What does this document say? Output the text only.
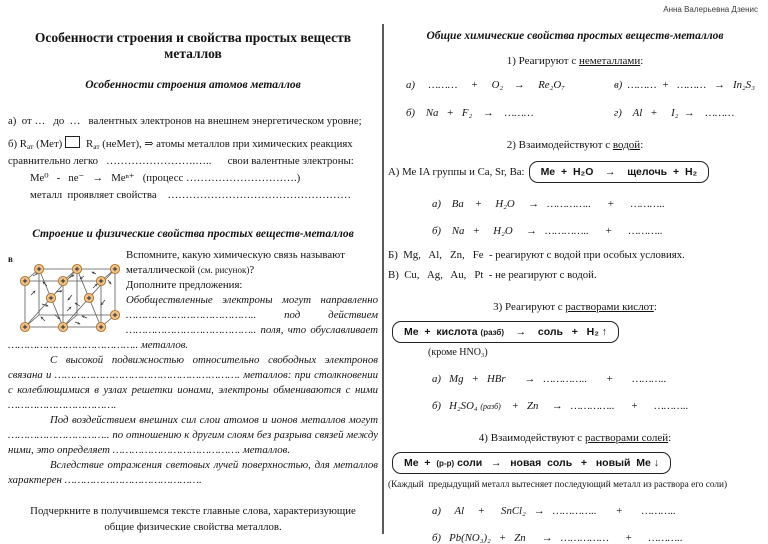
Анна Валерьевна Дзенис
Особенности строения и свойства простых веществ металлов
Особенности строения атомов металлов
а)  от …   до  …   валентных электронов на внешнем энергетическом уровне;
б) $R_{ат}$ (Мет) $R_{ат}$ (неМет), ⇒ атомы металлов при химических реакциях
сравнительно легко   …………………….…..      свои валентные электроны:
Ме⁰   -   ne⁻   →   Меⁿ⁺   (процесс ………………………….)
металл  проявляет свойства    ……………………………………………
Строение и физические свойства простых веществ-металлов
в	Вспомните, какую химическую связь называют металлической (см. рисунок)?
Дополните предложения:

Обобществленные электроны могут направленно ………………………………….. под действием ………………………………….. поля, что обуславливает ………………………………….. металлов.

С высокой подвижностью относительно свободных электронов связана и …………………………………………………. металлов: при столкновении с колеблющимися в узлах решетки ионами, электроны обмениваются с ними …………………………….

Под воздействием внешних сил слои атомов и ионов металлов могут ………………………….. по отношению к другим слоям без разрыва связей между ними, это определяет …………………………………. металлов.

Вследствие отражения световых лучей поверхностью, для металлов характерен …………………………………….

Подчеркните в получившемся тексте главные слова, характеризующие общие физические свойства металлов.
Общие химические свойства простых веществ-металлов
1) Реагируют с неметаллами:
а)     ………     +     O₂    →     Re₂O₇	в)  ………  +   ………   →   In₂S₃
б)    Na   +   F₂    →    ………	г)    Al   +     I₂  →    ………
2) Взаимодействуют с водой:
А) Ме IA группы и Ca, Sr, Ba:	Ме  +  H₂O    →    щелочь  +  H₂
а)    Ba    +     H₂O     →   …………..      +      ………..
б)    Na   +     H₂O     →   …………..      +      ………..
Б)  Mg,   Al,   Zn,   Fe  - реагируют с водой при особых условиях.
В)  Cu,   Ag,   Au,   Pt  - не реагируют с водой.
3) Реагируют с растворами кислот:
Ме  +  кислота (разб)    →    соль   +   H₂ ↑
(кроме HNO₃)
а)   Mg   +   HBr       →   …………..       +       ………..
б)   H₂SO₄ (разб)    +   Zn     →   …………..      +      ………..
4) Взаимодействуют с растворами солей:
Ме  +  (р-р) соли   →   новая  соль   +   новый  Ме ↓
(Каждый  предыдущий металл вытесняет последующий металл из раствора его соли)
а)     Al     +      SnCl₂   →   …………..       +       ………..
б)   Pb(NO₃)₂   +   Zn      →   ……………      +      ………..
